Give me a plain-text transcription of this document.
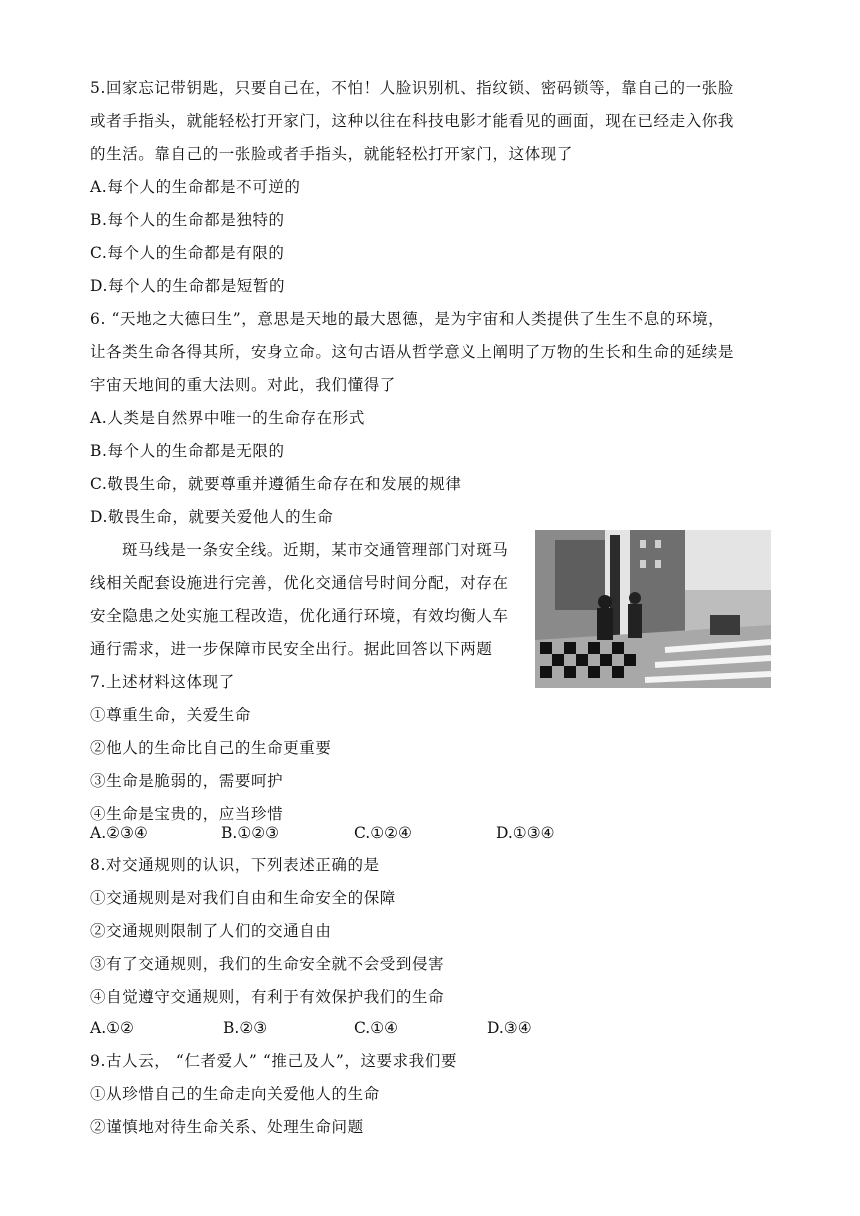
5.回家忘记带钥匙，只要自己在，不怕！人脸识别机、指纹锁、密码锁等，靠自己的一张脸
或者手指头，就能轻松打开家门，这种以往在科技电影才能看见的画面，现在已经走入你我
的生活。靠自己的一张脸或者手指头，就能轻松打开家门，这体现了
A.每个人的生命都是不可逆的
B.每个人的生命都是独特的
C.每个人的生命都是有限的
D.每个人的生命都是短暂的
6. “天地之大德曰生”，意思是天地的最大恩德，是为宇宙和人类提供了生生不息的环境，
让各类生命各得其所，安身立命。这句古语从哲学意义上阐明了万物的生长和生命的延续是
宇宙天地间的重大法则。对此，我们懂得了
A.人类是自然界中唯一的生命存在形式
B.每个人的生命都是无限的
C.敬畏生命，就要尊重并遵循生命存在和发展的规律
D.敬畏生命，就要关爱他人的生命
斑马线是一条安全线。近期，某市交通管理部门对斑马
线相关配套设施进行完善，优化交通信号时间分配，对存在
安全隐患之处实施工程改造，优化通行环境，有效均衡人车
通行需求，进一步保障市民安全出行。据此回答以下两题
7.上述材料这体现了
①尊重生命，关爱生命
②他人的生命比自己的生命更重要
③生命是脆弱的，需要呵护
④生命是宝贵的，应当珍惜
A.②③④	B.①②③	C.①②④	D.①③④
8.对交通规则的认识，下列表述正确的是
①交通规则是对我们自由和生命安全的保障
②交通规则限制了人们的交通自由
③有了交通规则，我们的生命安全就不会受到侵害
④自觉遵守交通规则，有利于有效保护我们的生命
A.①②	B.②③	C.①④	D.③④
9.古人云， “仁者爱人” “推己及人”，这要求我们要
①从珍惜自己的生命走向关爱他人的生命
②谨慎地对待生命关系、处理生命问题
